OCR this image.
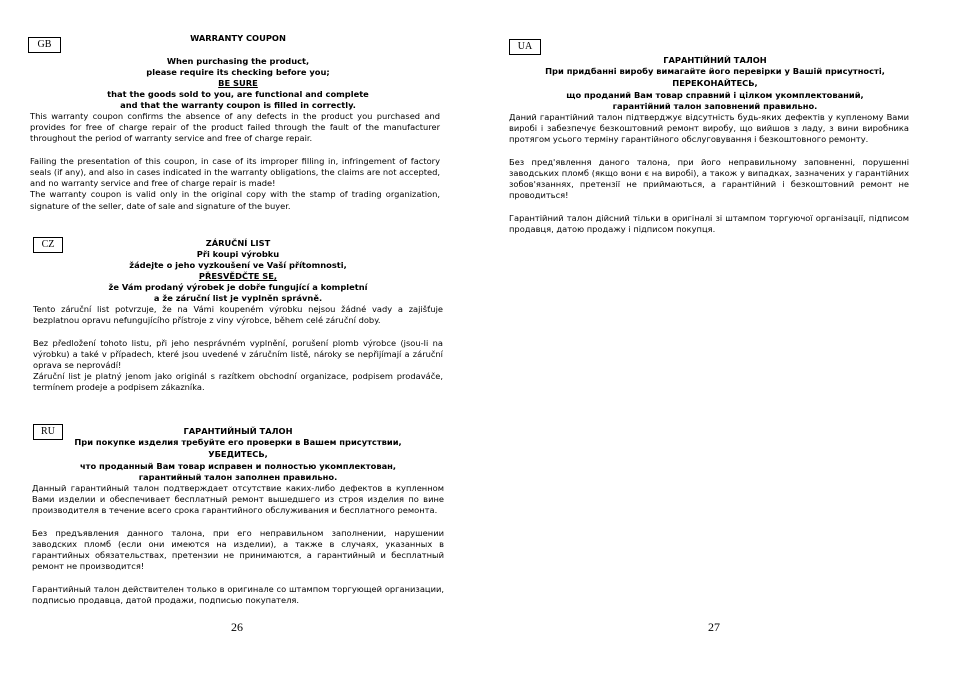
GB
WARRANTY COUPON
When purchasing the product,
please require its checking before you;
BE SURE
that the goods sold to you, are functional and complete
and that the warranty coupon is filled in correctly.

This warranty coupon confirms the absence of any defects in the product you purchased and provides for free of charge repair of the product failed through the fault of the manufacturer throughout the period of warranty service and free of charge repair.

Failing the presentation of this coupon, in case of its improper filling in, infringement of factory seals (if any), and also in cases indicated in the warranty obligations, the claims are not accepted, and no warranty service and free of charge repair is made!

The warranty coupon is valid only in the original copy with the stamp of trading organization, signature of the seller, date of sale and signature of the buyer.

CZ	ZÁRUČNÍ LIST
Při koupi výrobku
žádejte o jeho vyzkoušení ve Vaší přítomnosti,
PŘESVĚDČTE SE,
že Vám prodaný výrobek je dobře fungující a kompletní
a že záruční list je vyplněn správně.

Tento záruční list potvrzuje, že na Vámi koupeném výrobku nejsou žádné vady a zajišťuje bezplatnou opravu nefungujícího přístroje z viny výrobce, během celé záruční doby.

Bez předložení tohoto listu, při jeho nesprávném vyplnění, porušení plomb výrobce (jsou-li na výrobku) a také v případech, které jsou uvedené v záručním listě, nároky se nepřijímají a záruční oprava se neprovádí!

Záruční list je platný jenom jako originál s razítkem obchodní organizace, podpisem prodaváče, termínem prodeje a podpisem zákazníka.

RU	ГАРАНТИЙНЫЙ ТАЛОН
При покупке изделия требуйте его проверки в Вашем присутствии,
УБЕДИТЕСЬ,
что проданный Вам товар исправен и полностью укомплектован,
гарантийный талон заполнен правильно.

Данный гарантийный талон подтверждает отсутствие каких-либо дефектов в купленном Вами изделии и обеспечивает бесплатный ремонт вышедшего из строя изделия по вине производителя в течение всего срока гарантийного обслуживания и бесплатного ремонта.

Без предъявления данного талона, при его неправильном заполнении, нарушении заводских пломб (если они имеются на изделии), а также в случаях, указанных в гарантийных обязательствах, претензии не принимаются, а гарантийный и бесплатный ремонт не производится!

Гарантийный талон действителен только в оригинале со штампом торгующей организации, подписью продавца, датой продажи, подписью покупателя.

UA
ГАРАНТІЙНИЙ ТАЛОН
При придбанні виробу вимагайте його перевірки у Вашій присутності,
ПЕРЕКОНАЙТЕСЬ,
що проданий Вам товар справний і цілком укомплектований,
гарантійний талон заповнений правильно.

Даний гарантійний талон підтверджує відсутність будь-яких дефектів у купленому Вами виробі і забезпечує безкоштовний ремонт виробу, що вийшов з ладу, з вини виробника протягом усього терміну гарантійного обслуговування і безкоштовного ремонту.

Без пред'явлення даного талона, при його неправильному заповненні, порушенні заводських пломб (якщо вони є на виробі), а також у випадках, зазначених у гарантійних зобов'язаннях, претензії не приймаються, а гарантійний і безкоштовний ремонт не проводиться!

Гарантійний талон дійсний тільки в оригіналі зі штампом торгуючої організації, підписом продавця, датою продажу і підписом покупця.

26	27
